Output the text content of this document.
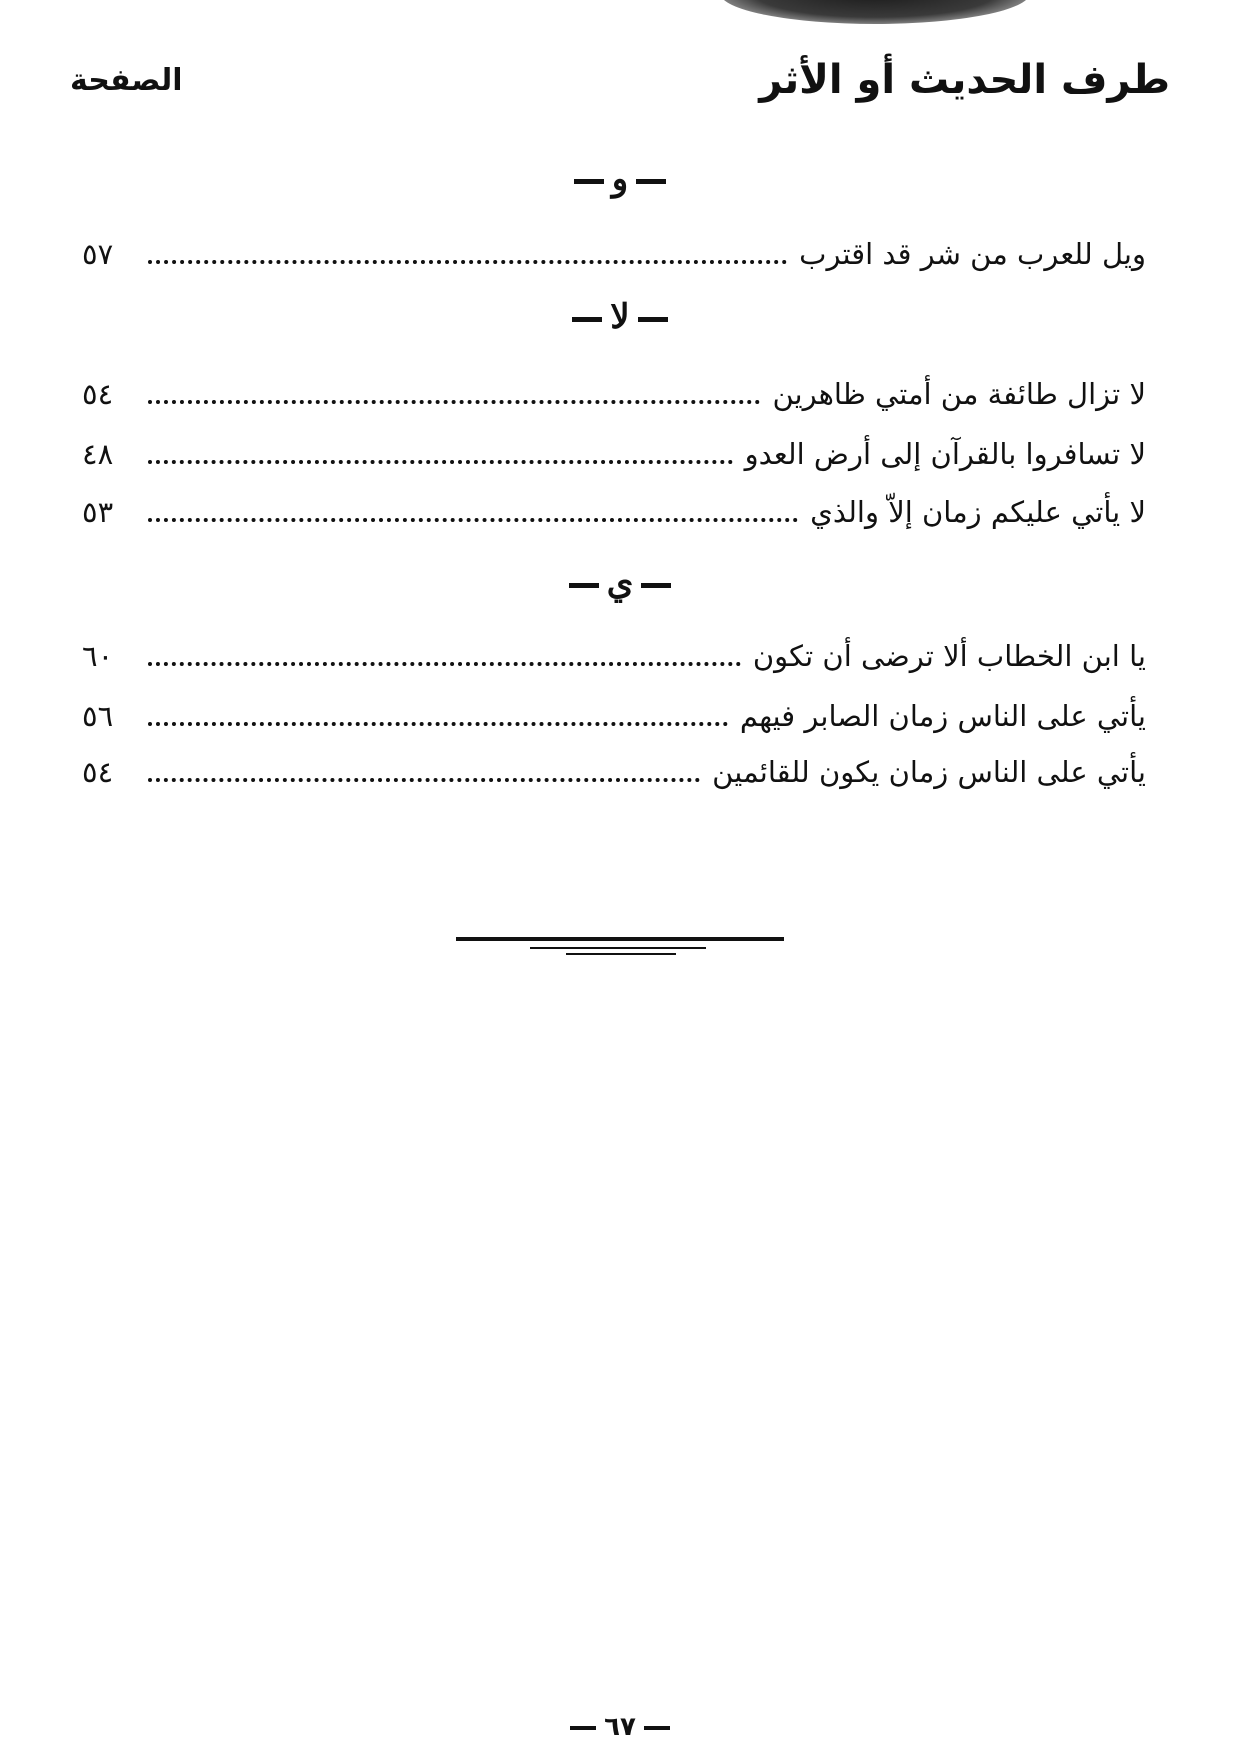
طرف الحديث أو الأثر
الصفحة
و
ويل للعرب من شر قد اقترب
٥٧
لا
لا تزال طائفة من أمتي ظاهرين
٥٤
لا تسافروا بالقرآن إلى أرض العدو
٤٨
لا يأتي عليكم زمان إلاّ والذي
٥٣
ي
يا ابن الخطاب ألا ترضى أن تكون
٦٠
يأتي على الناس زمان الصابر فيهم
٥٦
يأتي على الناس زمان يكون للقائمين
٥٤
٦٧
